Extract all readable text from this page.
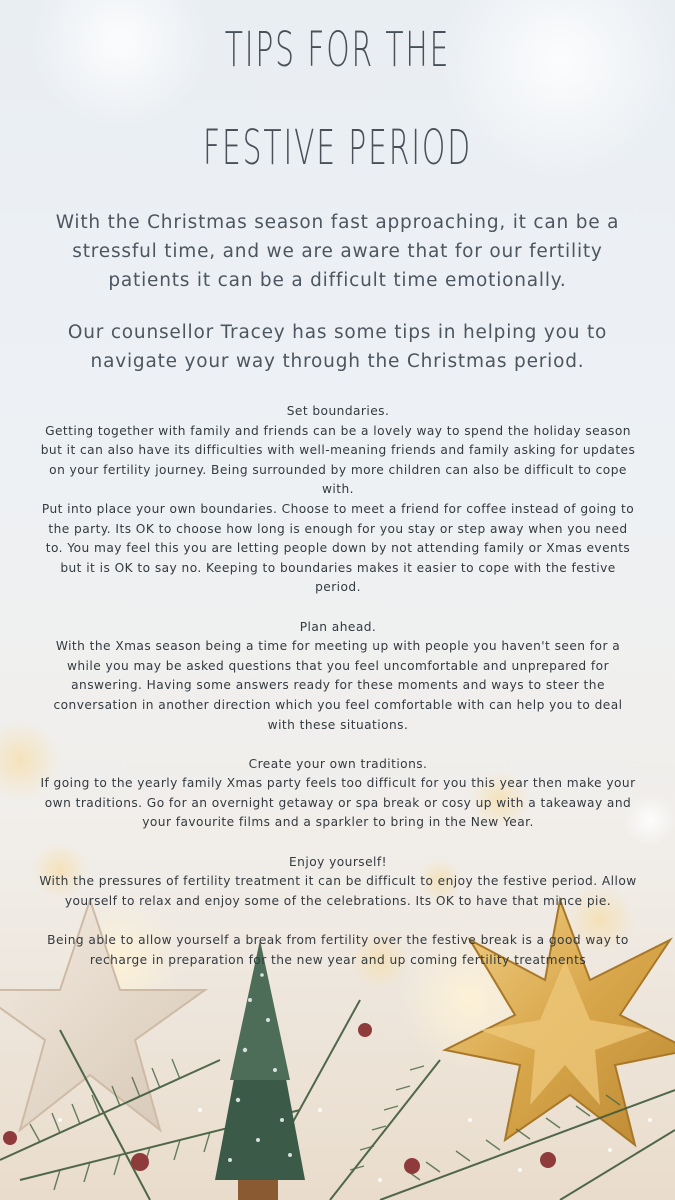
TIPS FOR THE
FESTIVE PERIOD
With the Christmas season fast approaching, it can be a stressful time, and we are aware that for our fertility patients it can be a difficult time emotionally.
Our counsellor Tracey has some tips in helping you to navigate your way through the Christmas period.

Set boundaries.
Getting together with family and friends can be a lovely way to spend the holiday season but it can also have its difficulties with well-meaning friends and family asking for updates on your fertility journey. Being surrounded by more children can also be difficult to cope with.
Put into place your own boundaries. Choose to meet a friend for coffee instead of going to the party. Its OK to choose how long is enough for you stay or step away when you need to. You may feel this you are letting people down by not attending family or Xmas events but it is OK to say no. Keeping to boundaries makes it easier to cope with the festive period.

Plan ahead.
With the Xmas season being a time for meeting up with people you haven't seen for a while you may be asked questions that you feel uncomfortable and unprepared for answering. Having some answers ready for these moments and ways to steer the conversation in another direction which you feel comfortable with can help you to deal with these situations.

Create your own traditions.
If going to the yearly family Xmas party feels too difficult for you this year then make your own traditions. Go for an overnight getaway or spa break or cosy up with a takeaway and your favourite films and a sparkler to bring in the New Year.

Enjoy yourself!
With the pressures of fertility treatment it can be difficult to enjoy the festive period. Allow yourself to relax and enjoy some of the celebrations. Its OK to have that mince pie.

Being able to allow yourself a break from fertility over the festive break is a good way to recharge in preparation for the new year and up coming fertility treatments
